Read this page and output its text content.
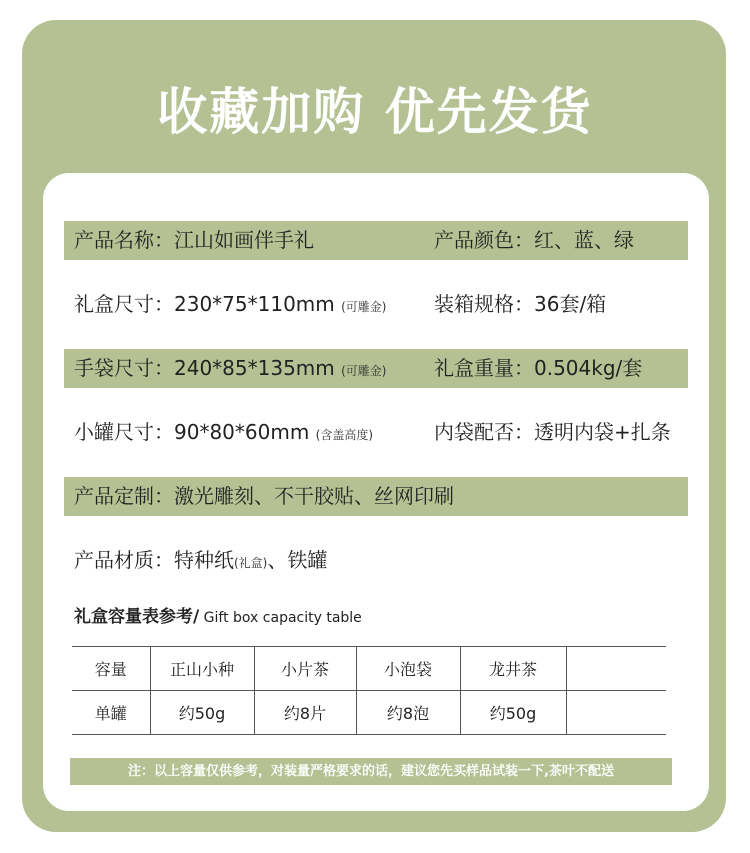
收藏加购 优先发货
产品名称：江山如画伴手礼	产品颜色：红、蓝、绿
礼盒尺寸：230*75*110mm (可雕金) 装箱规格：36套/箱
手袋尺寸：240*85*135mm (可雕金) 礼盒重量：0.504kg/套
小罐尺寸：90*80*60mm (含盖高度)	内袋配否：透明内袋+扎条
产品定制：激光雕刻、不干胶贴、丝网印刷
产品材质：特种纸(礼盒)、铁罐
礼盒容量表参考/ Gift box capacity table
容量	正山小种	小片茶	小泡袋	龙井茶	
单罐	约50g	约8片	约8泡	约50g	
注：以上容量仅供参考，对装量严格要求的话，建议您先买样品试装一下,茶叶不配送
